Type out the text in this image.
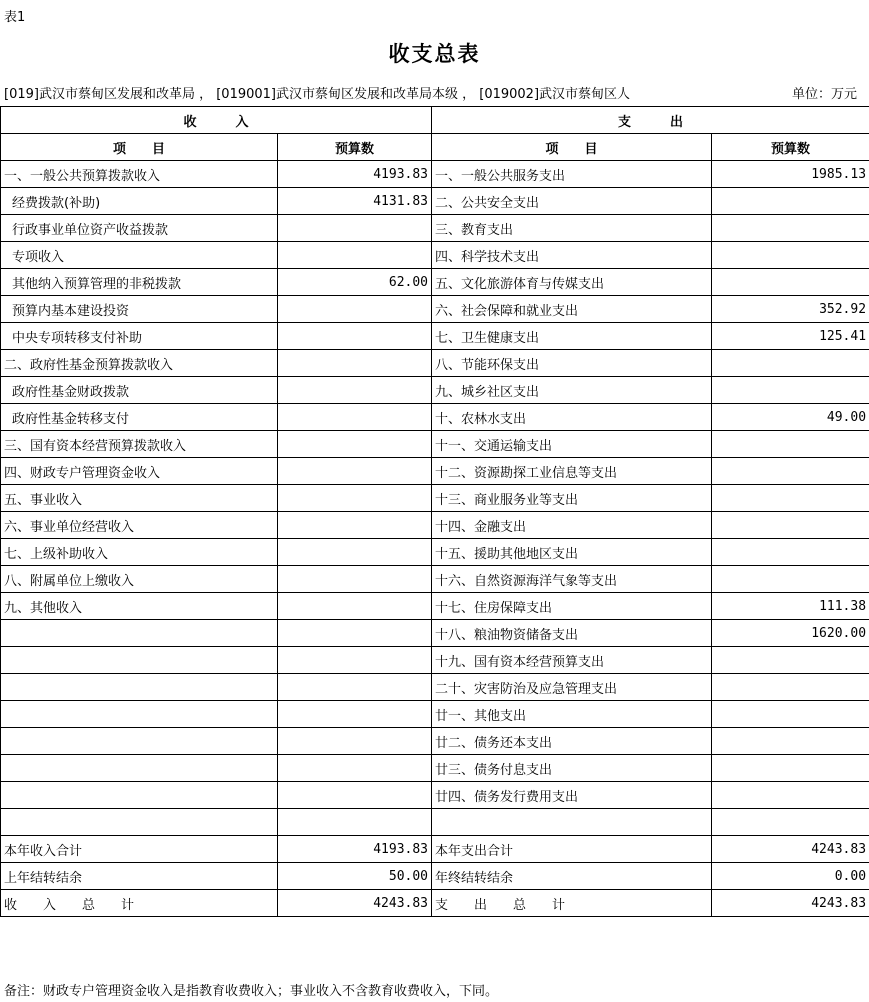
表1
收支总表
[019]武汉市蔡甸区发展和改革局 ， [019001]武汉市蔡甸区发展和改革局本级 ， [019002]武汉市蔡甸区人	单位：万元
收　　　入		支　　　出	
项　　目	预算数	项　　目	预算数
一、一般公共预算拨款收入	4193.83	一、一般公共服务支出	1985.13
经费拨款(补助)	4131.83	二、公共安全支出	
行政事业单位资产收益拨款		三、教育支出	
专项收入		四、科学技术支出	
其他纳入预算管理的非税拨款	62.00	五、文化旅游体育与传媒支出	
预算内基本建设投资		六、社会保障和就业支出	352.92
中央专项转移支付补助		七、卫生健康支出	125.41
二、政府性基金预算拨款收入		八、节能环保支出	
政府性基金财政拨款		九、城乡社区支出	
政府性基金转移支付		十、农林水支出	49.00
三、国有资本经营预算拨款收入		十一、交通运输支出	
四、财政专户管理资金收入		十二、资源勘探工业信息等支出	
五、事业收入		十三、商业服务业等支出	
六、事业单位经营收入		十四、金融支出	
七、上级补助收入		十五、援助其他地区支出	
八、附属单位上缴收入		十六、自然资源海洋气象等支出	
九、其他收入		十七、住房保障支出	111.38
		十八、粮油物资储备支出	1620.00
		十九、国有资本经营预算支出	
		二十、灾害防治及应急管理支出	
		廿一、其他支出	
		廿二、债务还本支出	
		廿三、债务付息支出	
		廿四、债务发行费用支出	

本年收入合计	4193.83	本年支出合计	4243.83
上年结转结余	50.00	年终结转结余	0.00
收　　入　　总　　计	4243.83	支　　出　　总　　计	4243.83
备注：财政专户管理资金收入是指教育收费收入；事业收入不含教育收费收入，下同。
